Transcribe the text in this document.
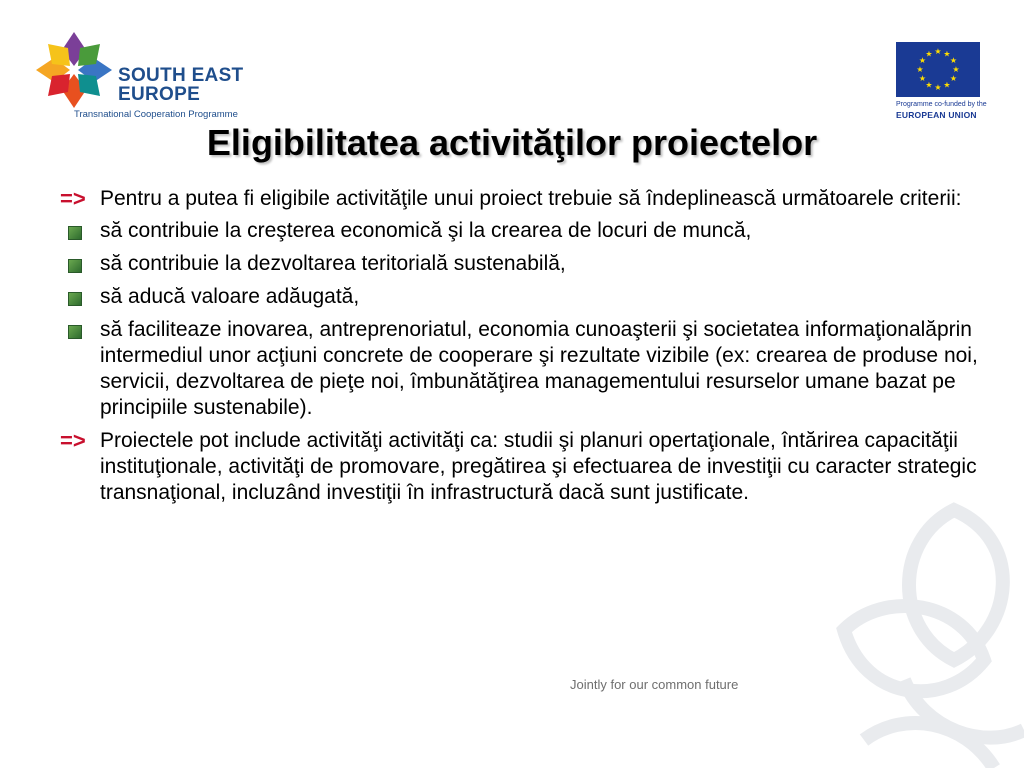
SOUTH EAST
EUROPE
Transnational Cooperation Programme
★ ★
★
★
★
★
★
★
★
★
★
★
Programme co-funded by the
EUROPEAN UNION
Eligibilitatea activităţilor proiectelor
=> Pentru a putea fi eligibile activităţile unui proiect trebuie să îndeplinească următoarele criterii:
să contribuie la creşterea economică şi la crearea de locuri de muncă,
să contribuie la dezvoltarea teritorială sustenabilă,
să aducă valoare adăugată,
să faciliteaze inovarea, antreprenoriatul, economia cunoaşterii şi societatea informaţionalăprin intermediul unor acţiuni concrete de cooperare şi rezultate vizibile (ex: crearea de produse noi, servicii, dezvoltarea de pieţe noi, îmbunătăţirea managementului resurselor umane bazat pe principiile sustenabile).
=> Proiectele pot include activităţi activităţi ca: studii şi planuri opertaţionale, întărirea capacităţii instituţionale, activităţi de promovare, pregătirea şi efectuarea de investiţii cu caracter strategic transnaţional, incluzând investiţii în infrastructură dacă sunt justificate.
Jointly for our common future
